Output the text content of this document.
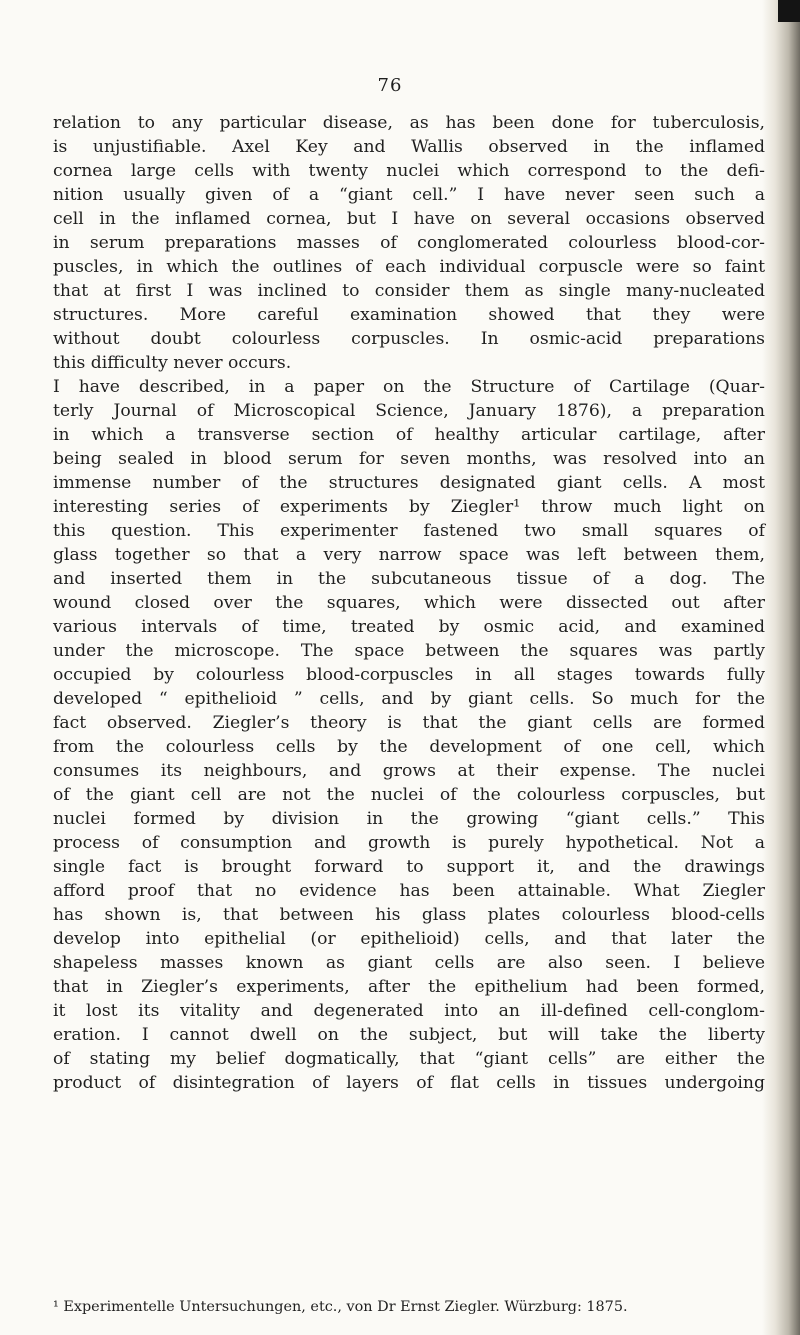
76
relation to any particular disease, as has been done for tuberculosis,
is unjustifiable. Axel Key and Wallis observed in the inflamed
cornea large cells with twenty nuclei which correspond to the defi-
nition usually given of a “giant cell.” I have never seen such a
cell in the inflamed cornea, but I have on several occasions observed
in serum preparations masses of conglomerated colourless blood-cor-
puscles, in which the outlines of each individual corpuscle were so faint
that at first I was inclined to consider them as single many-nucleated
structures. More careful examination showed that they were
without doubt colourless corpuscles. In osmic-acid preparations
this difficulty never occurs.
I have described, in a paper on the Structure of Cartilage (Quar-
terly Journal of Microscopical Science, January 1876), a preparation
in which a transverse section of healthy articular cartilage, after
being sealed in blood serum for seven months, was resolved into an
immense number of the structures designated giant cells. A most
interesting series of experiments by Ziegler¹ throw much light on
this question. This experimenter fastened two small squares of
glass together so that a very narrow space was left between them,
and inserted them in the subcutaneous tissue of a dog. The
wound closed over the squares, which were dissected out after
various intervals of time, treated by osmic acid, and examined
under the microscope. The space between the squares was partly
occupied by colourless blood-corpuscles in all stages towards fully
developed “ epithelioid ” cells, and by giant cells. So much for the
fact observed. Ziegler’s theory is that the giant cells are formed
from the colourless cells by the development of one cell, which
consumes its neighbours, and grows at their expense. The nuclei
of the giant cell are not the nuclei of the colourless corpuscles, but
nuclei formed by division in the growing “giant cells.” This
process of consumption and growth is purely hypothetical. Not a
single fact is brought forward to support it, and the drawings
afford proof that no evidence has been attainable. What Ziegler
has shown is, that between his glass plates colourless blood-cells
develop into epithelial (or epithelioid) cells, and that later the
shapeless masses known as giant cells are also seen. I believe
that in Ziegler’s experiments, after the epithelium had been formed,
it lost its vitality and degenerated into an ill-defined cell-conglom-
eration. I cannot dwell on the subject, but will take the liberty
of stating my belief dogmatically, that “giant cells” are either the
product of disintegration of layers of flat cells in tissues undergoing
¹ Experimentelle Untersuchungen, etc., von Dr Ernst Ziegler. Würzburg: 1875.
